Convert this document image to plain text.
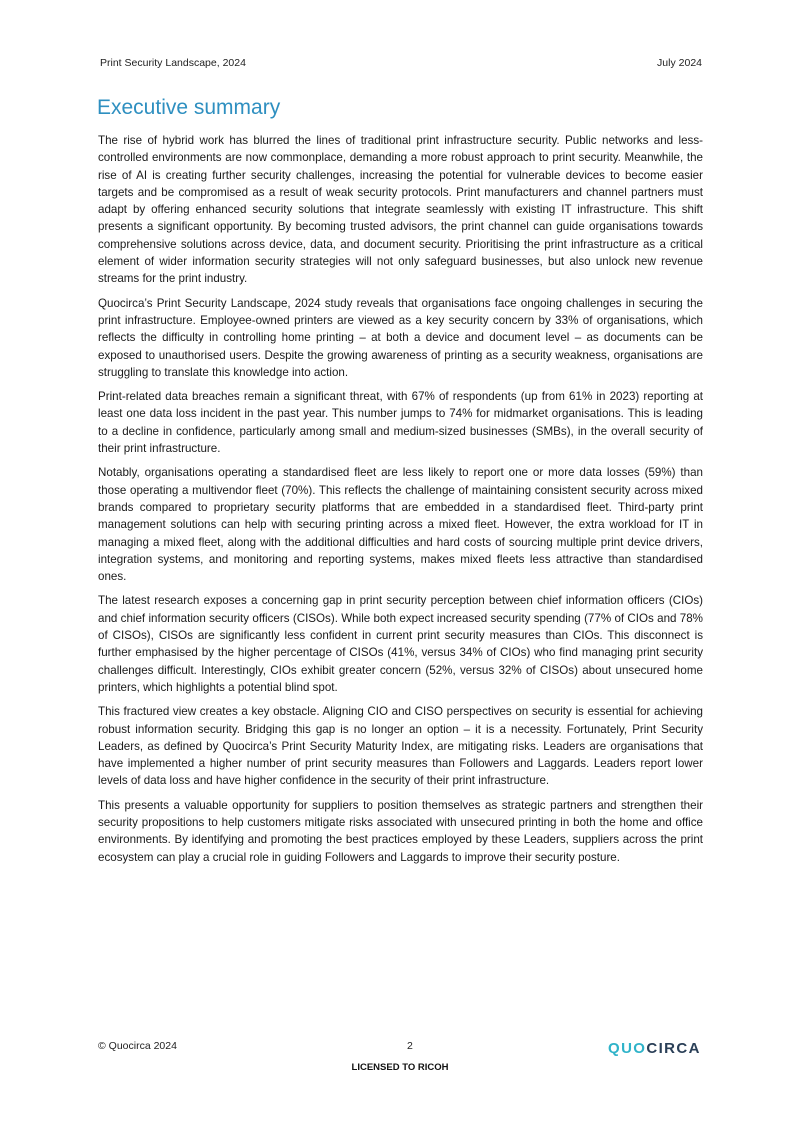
Print Security Landscape, 2024	July 2024
Executive summary

The rise of hybrid work has blurred the lines of traditional print infrastructure security. Public networks and less-controlled environments are now commonplace, demanding a more robust approach to print security. Meanwhile, the rise of AI is creating further security challenges, increasing the potential for vulnerable devices to become easier targets and be compromised as a result of weak security protocols. Print manufacturers and channel partners must adapt by offering enhanced security solutions that integrate seamlessly with existing IT infrastructure. This shift presents a significant opportunity. By becoming trusted advisors, the print channel can guide organisations towards comprehensive solutions across device, data, and document security. Prioritising the print infrastructure as a critical element of wider information security strategies will not only safeguard businesses, but also unlock new revenue streams for the print industry.

Quocirca’s Print Security Landscape, 2024 study reveals that organisations face ongoing challenges in securing the print infrastructure. Employee-owned printers are viewed as a key security concern by 33% of organisations, which reflects the difficulty in controlling home printing – at both a device and document level – as documents can be exposed to unauthorised users. Despite the growing awareness of printing as a security weakness, organisations are struggling to translate this knowledge into action.

Print-related data breaches remain a significant threat, with 67% of respondents (up from 61% in 2023) reporting at least one data loss incident in the past year. This number jumps to 74% for midmarket organisations. This is leading to a decline in confidence, particularly among small and medium-sized businesses (SMBs), in the overall security of their print infrastructure.

Notably, organisations operating a standardised fleet are less likely to report one or more data losses (59%) than those operating a multivendor fleet (70%). This reflects the challenge of maintaining consistent security across mixed brands compared to proprietary security platforms that are embedded in a standardised fleet. Third-party print management solutions can help with securing printing across a mixed fleet. However, the extra workload for IT in managing a mixed fleet, along with the additional difficulties and hard costs of sourcing multiple print device drivers, integration systems, and monitoring and reporting systems, makes mixed fleets less attractive than standardised ones.

The latest research exposes a concerning gap in print security perception between chief information officers (CIOs) and chief information security officers (CISOs). While both expect increased security spending (77% of CIOs and 78% of CISOs), CISOs are significantly less confident in current print security measures than CIOs. This disconnect is further emphasised by the higher percentage of CISOs (41%, versus 34% of CIOs) who find managing print security challenges difficult. Interestingly, CIOs exhibit greater concern (52%, versus 32% of CISOs) about unsecured home printers, which highlights a potential blind spot.

This fractured view creates a key obstacle. Aligning CIO and CISO perspectives on security is essential for achieving robust information security. Bridging this gap is no longer an option – it is a necessity. Fortunately, Print Security Leaders, as defined by Quocirca’s Print Security Maturity Index, are mitigating risks. Leaders are organisations that have implemented a higher number of print security measures than Followers and Laggards. Leaders report lower levels of data loss and have higher confidence in the security of their print infrastructure.

This presents a valuable opportunity for suppliers to position themselves as strategic partners and strengthen their security propositions to help customers mitigate risks associated with unsecured printing in both the home and office environments. By identifying and promoting the best practices employed by these Leaders, suppliers across the print ecosystem can play a crucial role in guiding Followers and Laggards to improve their security posture.

© Quocirca 2024	2	QUOCIRCA
LICENSED TO RICOH
